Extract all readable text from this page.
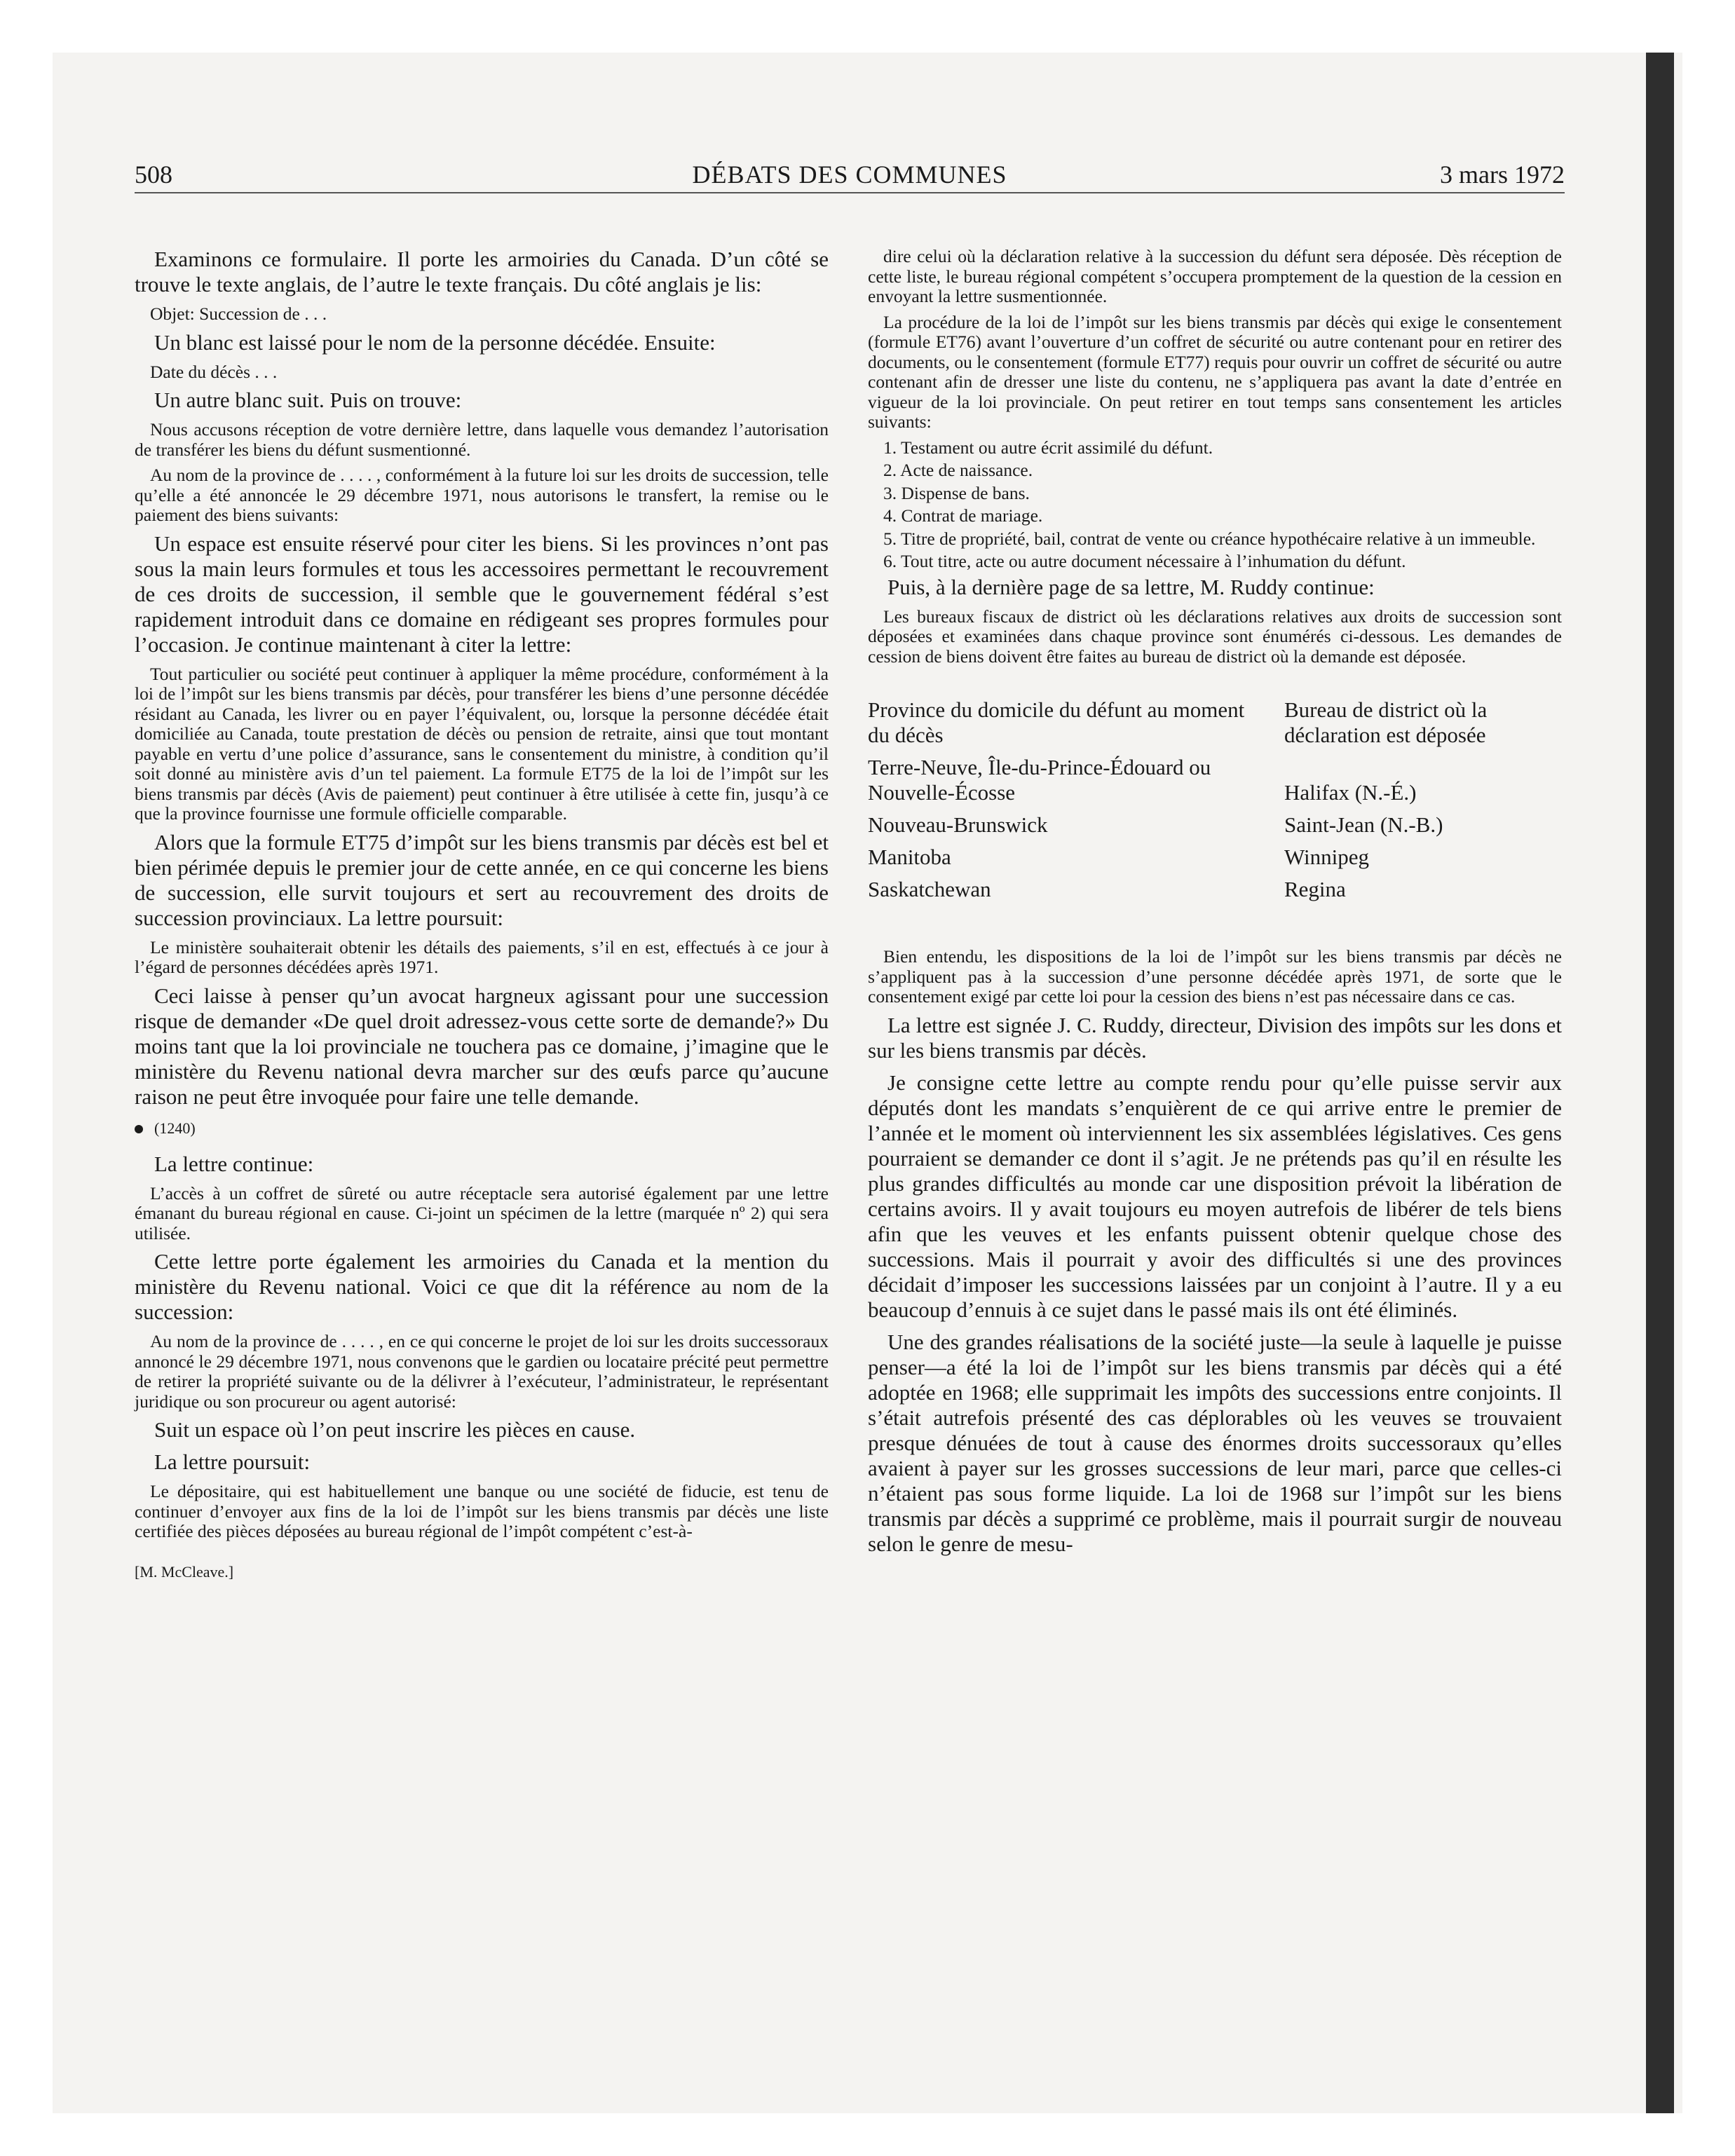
508	DÉBATS DES COMMUNES	3 mars 1972

Examinons ce formulaire. Il porte les armoiries du Canada. D’un côté se trouve le texte anglais, de l’autre le texte français. Du côté anglais je lis:

Objet: Succession de . . .

Un blanc est laissé pour le nom de la personne décédée. Ensuite:

Date du décès . . .

Un autre blanc suit. Puis on trouve:

Nous accusons réception de votre dernière lettre, dans laquelle vous demandez l’autorisation de transférer les biens du défunt susmentionné.

Au nom de la province de . . . . , conformément à la future loi sur les droits de succession, telle qu’elle a été annoncée le 29 décembre 1971, nous autorisons le transfert, la remise ou le paiement des biens suivants:

Un espace est ensuite réservé pour citer les biens. Si les provinces n’ont pas sous la main leurs formules et tous les accessoires permettant le recouvrement de ces droits de succession, il semble que le gouvernement fédéral s’est rapidement introduit dans ce domaine en rédigeant ses propres formules pour l’occasion. Je continue maintenant à citer la lettre:

Tout particulier ou société peut continuer à appliquer la même procédure, conformément à la loi de l’impôt sur les biens transmis par décès, pour transférer les biens d’une personne décédée résidant au Canada, les livrer ou en payer l’équivalent, ou, lorsque la personne décédée était domiciliée au Canada, toute prestation de décès ou pension de retraite, ainsi que tout montant payable en vertu d’une police d’assurance, sans le consentement du ministre, à condition qu’il soit donné au ministère avis d’un tel paiement. La formule ET75 de la loi de l’impôt sur les biens transmis par décès (Avis de paiement) peut continuer à être utilisée à cette fin, jusqu’à ce que la province fournisse une formule officielle comparable.

Alors que la formule ET75 d’impôt sur les biens transmis par décès est bel et bien périmée depuis le premier jour de cette année, en ce qui concerne les biens de succession, elle survit toujours et sert au recouvrement des droits de succession provinciaux. La lettre poursuit:

Le ministère souhaiterait obtenir les détails des paiements, s’il en est, effectués à ce jour à l’égard de personnes décédées après 1971.

Ceci laisse à penser qu’un avocat hargneux agissant pour une succession risque de demander «De quel droit adressez-vous cette sorte de demande?» Du moins tant que la loi provinciale ne touchera pas ce domaine, j’imagine que le ministère du Revenu national devra marcher sur des œufs parce qu’aucune raison ne peut être invoquée pour faire une telle demande.

(1240)

La lettre continue:

L’accès à un coffret de sûreté ou autre réceptacle sera autorisé également par une lettre émanant du bureau régional en cause. Ci-joint un spécimen de la lettre (marquée nº 2) qui sera utilisée.

Cette lettre porte également les armoiries du Canada et la mention du ministère du Revenu national. Voici ce que dit la référence au nom de la succession:

Au nom de la province de . . . . , en ce qui concerne le projet de loi sur les droits successoraux annoncé le 29 décembre 1971, nous convenons que le gardien ou locataire précité peut permettre de retirer la propriété suivante ou de la délivrer à l’exécuteur, l’administrateur, le représentant juridique ou son procureur ou agent autorisé:

Suit un espace où l’on peut inscrire les pièces en cause.

La lettre poursuit:

Le dépositaire, qui est habituellement une banque ou une société de fiducie, est tenu de continuer d’envoyer aux fins de la loi de l’impôt sur les biens transmis par décès une liste certifiée des pièces déposées au bureau régional de l’impôt compétent c’est-à-

[M. McCleave.]

dire celui où la déclaration relative à la succession du défunt sera déposée. Dès réception de cette liste, le bureau régional compétent s’occupera promptement de la question de la cession en envoyant la lettre susmentionnée.

La procédure de la loi de l’impôt sur les biens transmis par décès qui exige le consentement (formule ET76) avant l’ouverture d’un coffret de sécurité ou autre contenant pour en retirer des documents, ou le consentement (formule ET77) requis pour ouvrir un coffret de sécurité ou autre contenant afin de dresser une liste du contenu, ne s’appliquera pas avant la date d’entrée en vigueur de la loi provinciale. On peut retirer en tout temps sans consentement les articles suivants:

1. Testament ou autre écrit assimilé du défunt.

2. Acte de naissance.

3. Dispense de bans.

4. Contrat de mariage.

5. Titre de propriété, bail, contrat de vente ou créance hypothécaire relative à un immeuble.

6. Tout titre, acte ou autre document nécessaire à l’inhumation du défunt.

Puis, à la dernière page de sa lettre, M. Ruddy continue:

Les bureaux fiscaux de district où les déclarations relatives aux droits de succession sont déposées et examinées dans chaque province sont énumérés ci-dessous. Les demandes de cession de biens doivent être faites au bureau de district où la demande est déposée.

Province du domicile du défunt au moment du décès	Bureau de district où la déclaration est déposée
Terre-Neuve, Île-du-Prince-Édouard ou Nouvelle-Écosse	Halifax (N.-É.)
Nouveau-Brunswick	Saint-Jean (N.-B.)
Manitoba	Winnipeg
Saskatchewan	Regina

Bien entendu, les dispositions de la loi de l’impôt sur les biens transmis par décès ne s’appliquent pas à la succession d’une personne décédée après 1971, de sorte que le consentement exigé par cette loi pour la cession des biens n’est pas nécessaire dans ce cas.

La lettre est signée J. C. Ruddy, directeur, Division des impôts sur les dons et sur les biens transmis par décès.

Je consigne cette lettre au compte rendu pour qu’elle puisse servir aux députés dont les mandats s’enquièrent de ce qui arrive entre le premier de l’année et le moment où interviennent les six assemblées législatives. Ces gens pourraient se demander ce dont il s’agit. Je ne prétends pas qu’il en résulte les plus grandes difficultés au monde car une disposition prévoit la libération de certains avoirs. Il y avait toujours eu moyen autrefois de libérer de tels biens afin que les veuves et les enfants puissent obtenir quelque chose des successions. Mais il pourrait y avoir des difficultés si une des provinces décidait d’imposer les successions laissées par un conjoint à l’autre. Il y a eu beaucoup d’ennuis à ce sujet dans le passé mais ils ont été éliminés.

Une des grandes réalisations de la société juste—la seule à laquelle je puisse penser—a été la loi de l’impôt sur les biens transmis par décès qui a été adoptée en 1968; elle supprimait les impôts des successions entre conjoints. Il s’était autrefois présenté des cas déplorables où les veuves se trouvaient presque dénuées de tout à cause des énormes droits successoraux qu’elles avaient à payer sur les grosses successions de leur mari, parce que celles-ci n’étaient pas sous forme liquide. La loi de 1968 sur l’impôt sur les biens transmis par décès a supprimé ce problème, mais il pourrait surgir de nouveau selon le genre de mesu-
